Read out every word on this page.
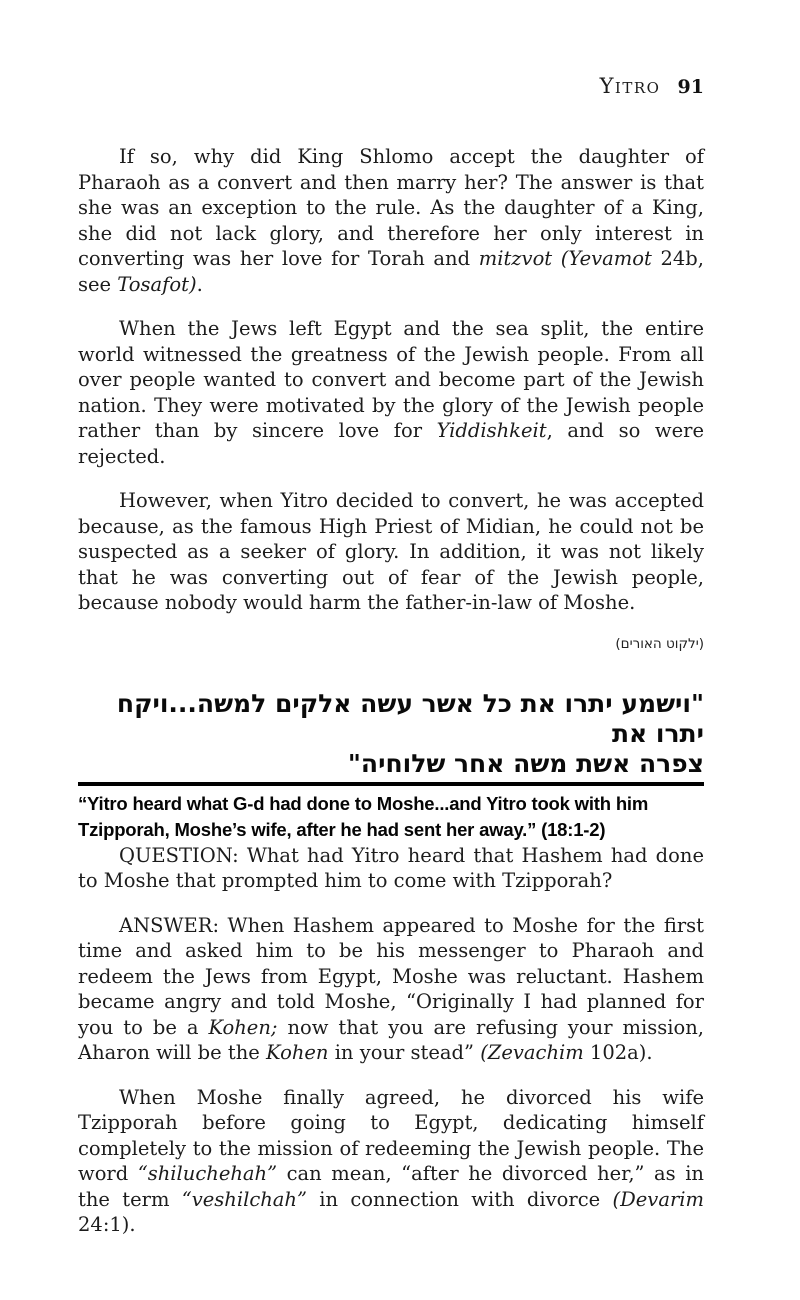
Yitro 91

If so, why did King Shlomo accept the daughter of Pharaoh as a convert and then marry her? The answer is that she was an exception to the rule. As the daughter of a King, she did not lack glory, and therefore her only interest in converting was her love for Torah and mitzvot (Yevamot 24b, see Tosafot).

When the Jews left Egypt and the sea split, the entire world witnessed the greatness of the Jewish people. From all over people wanted to convert and become part of the Jewish nation. They were motivated by the glory of the Jewish people rather than by sincere love for Yiddishkeit, and so were rejected.

However, when Yitro decided to convert, he was accepted because, as the famous High Priest of Midian, he could not be suspected as a seeker of glory. In addition, it was not likely that he was converting out of fear of the Jewish people, because nobody would harm the father-in-law of Moshe.

(ילקוט האורים)
"וישמע יתרו את כל אשר עשה אלקים למשה...ויקח יתרו את
צפרה אשת משה אחר שלוחיה"
“Yitro heard what G-d had done to Moshe...and Yitro took with him Tzipporah, Moshe’s wife, after he had sent her away.” (18:1-2)

QUESTION: What had Yitro heard that Hashem had done to Moshe that prompted him to come with Tzipporah?

ANSWER: When Hashem appeared to Moshe for the first time and asked him to be his messenger to Pharaoh and redeem the Jews from Egypt, Moshe was reluctant. Hashem became angry and told Moshe, “Originally I had planned for you to be a Kohen; now that you are refusing your mission, Aharon will be the Kohen in your stead” (Zevachim 102a).

When Moshe finally agreed, he divorced his wife Tzipporah before going to Egypt, dedicating himself completely to the mission of redeeming the Jewish people. The word “shiluchehah” can mean, “after he divorced her,” as in the term “veshilchah” in connection with divorce (Devarim 24:1).
